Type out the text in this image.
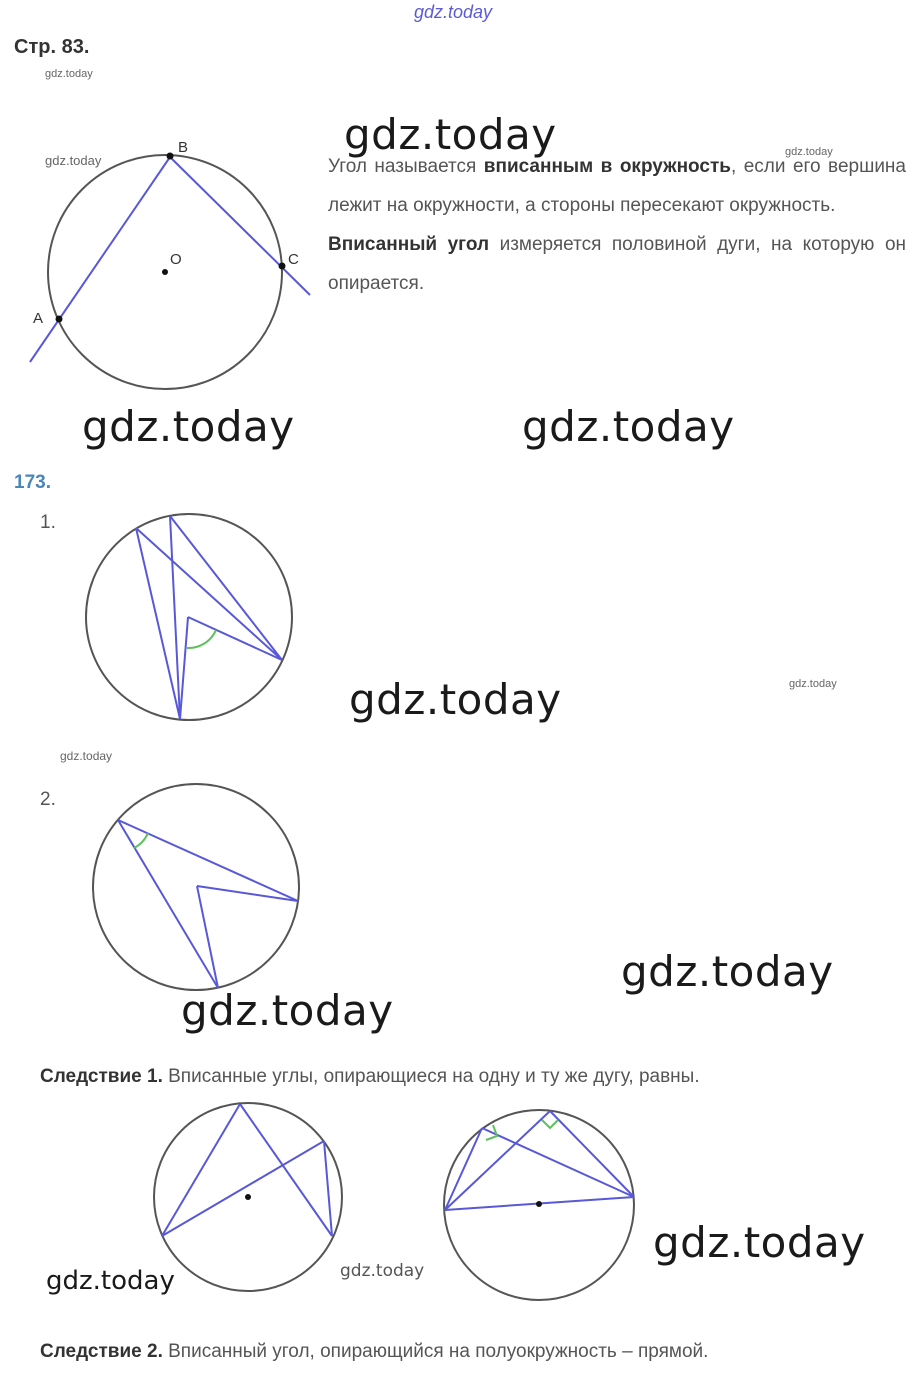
gdz.today
Стр. 83.
gdz.today
B
A
C
O
gdz.today
gdz.today	gdz.today
Угол называется вписанным в окружность, если его вершина лежит на окружности, а стороны пересекают окружность.
Вписанный угол измеряется половиной дуги, на которую он опирается.
gdz.today	gdz.today
173.
1.
gdz.today	gdz.today
gdz.today
2.
gdz.today
gdz.today
Следствие 1. Вписанные углы, опирающиеся на одну и ту же дугу, равны.
gdz.today	gdz.today
gdz.today
Следствие 2. Вписанный угол, опирающийся на полуокружность – прямой.
